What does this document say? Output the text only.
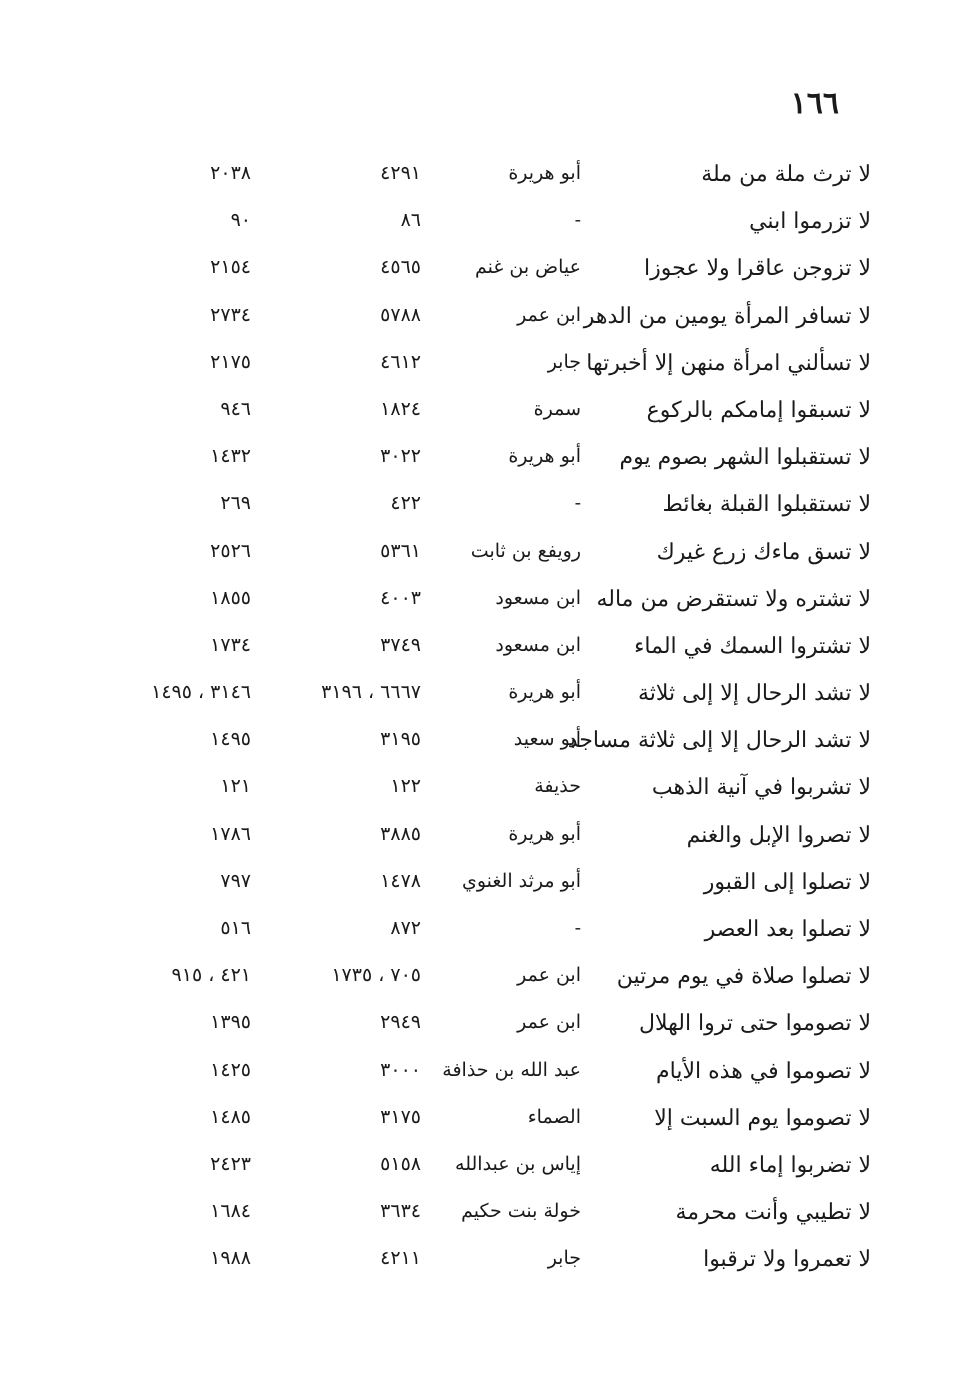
١٦٦
لا ترث ملة من ملة
أبو هريرة
٤٢٩١
٢٠٣٨
لا تزرموا ابني
-
٨٦
٩٠
لا تزوجن عاقرا ولا عجوزا
عياض بن غنم
٤٥٦٥
٢١٥٤
لا تسافر المرأة يومين من الدهر
ابن عمر
٥٧٨٨
٢٧٣٤
لا تسألني امرأة منهن إلا أخبرتها
جابر
٤٦١٢
٢١٧٥
لا تسبقوا إمامكم بالركوع
سمرة
١٨٢٤
٩٤٦
لا تستقبلوا الشهر بصوم يوم
أبو هريرة
٣٠٢٢
١٤٣٢
لا تستقبلوا القبلة بغائط
-
٤٢٢
٢٦٩
لا تسق ماءك زرع غيرك
رويفع بن ثابت
٥٣٦١
٢٥٢٦
لا تشتره ولا تستقرض من ماله
ابن مسعود
٤٠٠٣
١٨٥٥
لا تشتروا السمك في الماء
ابن مسعود
٣٧٤٩
١٧٣٤
لا تشد الرحال إلا إلى ثلاثة
أبو هريرة
٦٦٦٧ ، ٣١٩٦
٣١٤٦ ، ١٤٩٥
لا تشد الرحال إلا إلى ثلاثة مساجد
أبو سعيد
٣١٩٥
١٤٩٥
لا تشربوا في آنية الذهب
حذيفة
١٢٢
١٢١
لا تصروا الإبل والغنم
أبو هريرة
٣٨٨٥
١٧٨٦
لا تصلوا إلى القبور
أبو مرثد الغنوي
١٤٧٨
٧٩٧
لا تصلوا بعد العصر
-
٨٧٢
٥١٦
لا تصلوا صلاة في يوم مرتين
ابن عمر
٧٠٥ ، ١٧٣٥
٤٢١ ، ٩١٥
لا تصوموا حتى تروا الهلال
ابن عمر
٢٩٤٩
١٣٩٥
لا تصوموا في هذه الأيام
عبد الله بن حذافة
٣٠٠٠
١٤٢٥
لا تصوموا يوم السبت إلا
الصماء
٣١٧٥
١٤٨٥
لا تضربوا إماء الله
إياس بن عبدالله
٥١٥٨
٢٤٢٣
لا تطيبي وأنت محرمة
خولة بنت حكيم
٣٦٣٤
١٦٨٤
لا تعمروا ولا ترقبوا
جابر
٤٢١١
١٩٨٨
